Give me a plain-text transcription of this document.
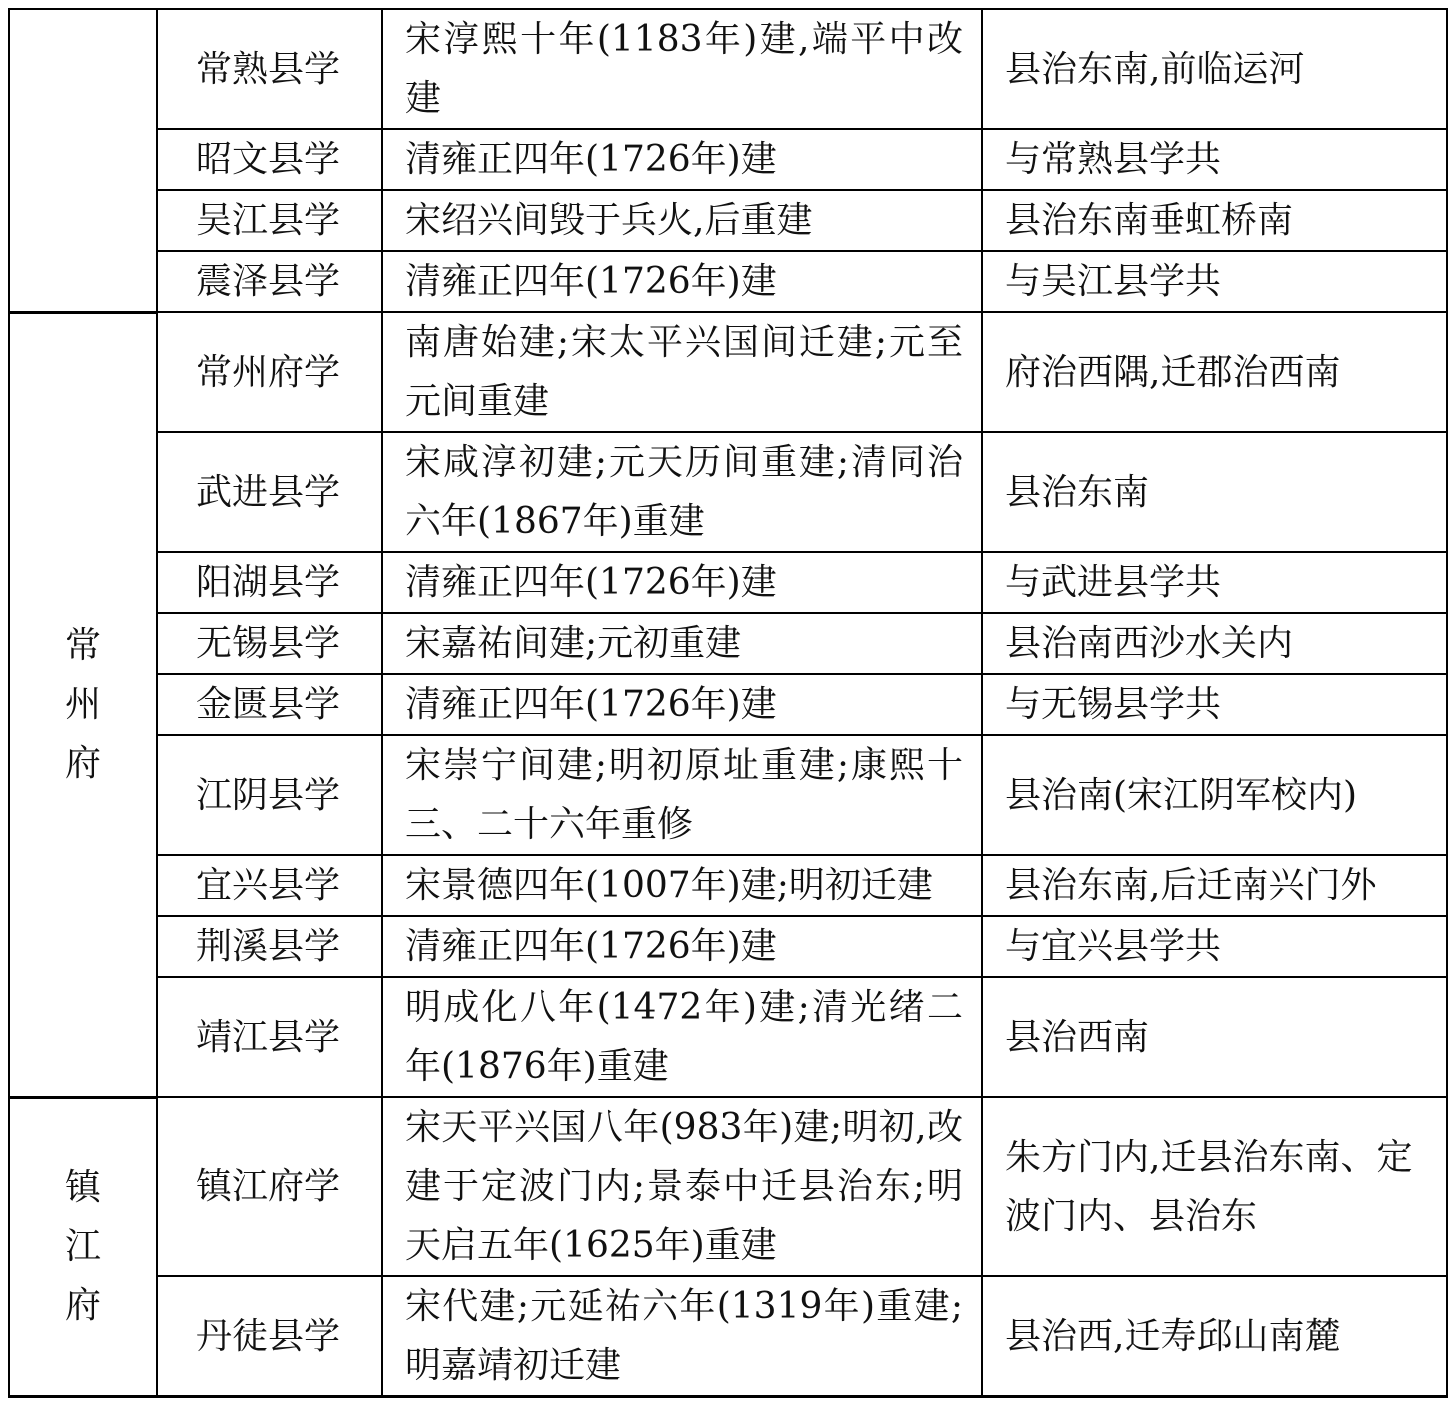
	常熟县学	宋淳熙十年(1183年)建,端平中改建	县治东南,前临运河
	昭文县学	清雍正四年(1726年)建	与常熟县学共
	吴江县学	宋绍兴间毁于兵火,后重建	县治东南垂虹桥南
	震泽县学	清雍正四年(1726年)建	与吴江县学共
常州府	常州府学	南唐始建;宋太平兴国间迁建;元至元间重建	府治西隅,迁郡治西南
	武进县学	宋咸淳初建;元天历间重建;清同治六年(1867年)重建	县治东南
	阳湖县学	清雍正四年(1726年)建	与武进县学共
	无锡县学	宋嘉祐间建;元初重建	县治南西沙水关内
	金匮县学	清雍正四年(1726年)建	与无锡县学共
	江阴县学	宋崇宁间建;明初原址重建;康熙十三、二十六年重修	县治南(宋江阴军校内)
	宜兴县学	宋景德四年(1007年)建;明初迁建	县治东南,后迁南兴门外
	荆溪县学	清雍正四年(1726年)建	与宜兴县学共
	靖江县学	明成化八年(1472年)建;清光绪二年(1876年)重建	县治西南
镇江府	镇江府学	宋天平兴国八年(983年)建;明初,改建于定波门内;景泰中迁县治东;明天启五年(1625年)重建	朱方门内,迁县治东南、定波门内、县治东
	丹徒县学	宋代建;元延祐六年(1319年)重建;明嘉靖初迁建	县治西,迁寿邱山南麓
